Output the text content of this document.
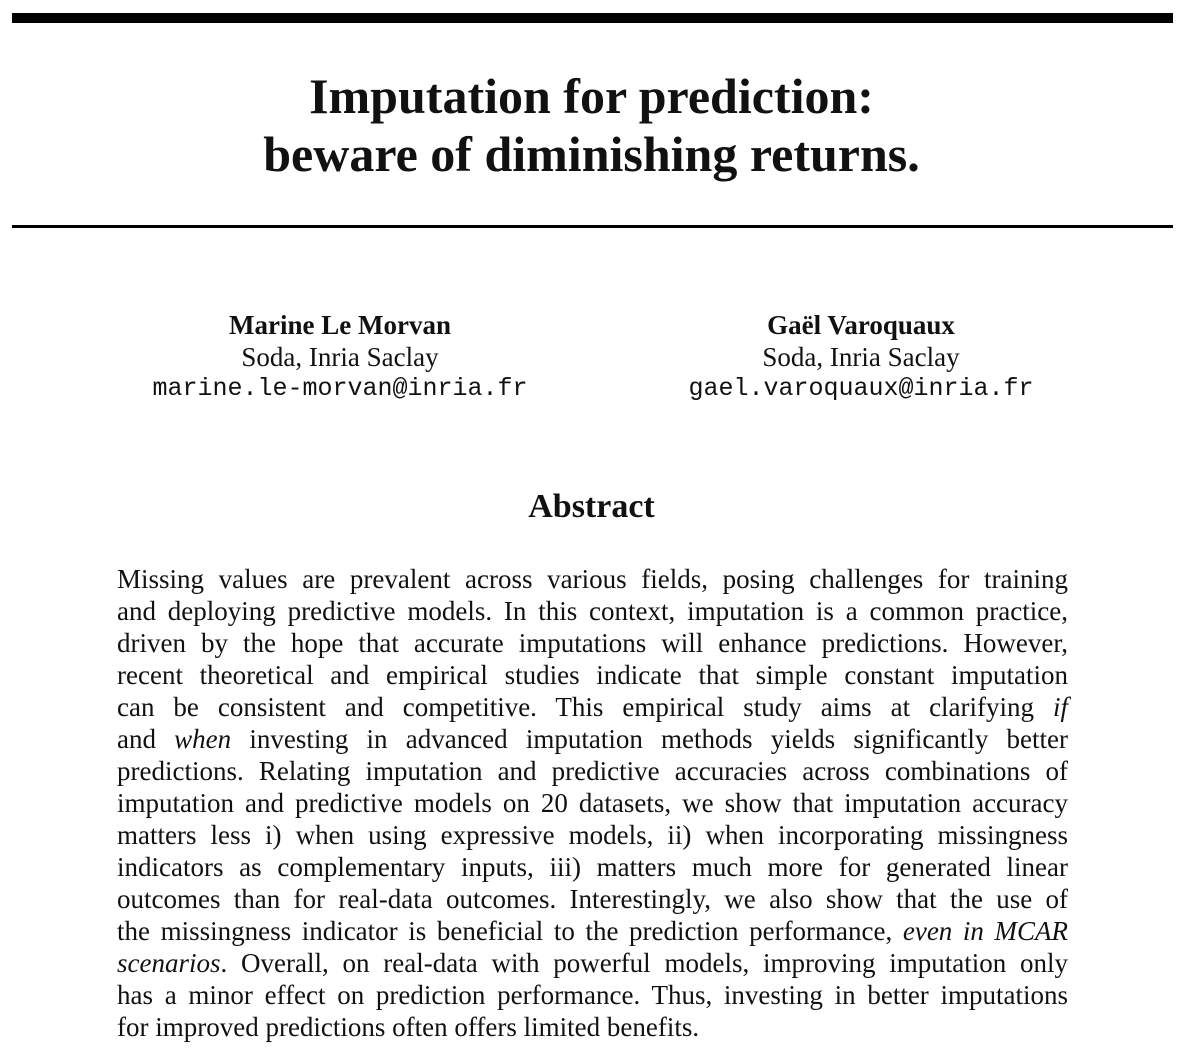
Imputation for prediction:
beware of diminishing returns.
Marine Le Morvan
Soda, Inria Saclay
marine.le-morvan@inria.fr
Gaël Varoquaux
Soda, Inria Saclay
gael.varoquaux@inria.fr
Abstract
Missing values are prevalent across various fields, posing challenges for training
and deploying predictive models. In this context, imputation is a common practice,
driven by the hope that accurate imputations will enhance predictions. However,
recent theoretical and empirical studies indicate that simple constant imputation
can be consistent and competitive. This empirical study aims at clarifying if
and when investing in advanced imputation methods yields significantly better
predictions. Relating imputation and predictive accuracies across combinations of
imputation and predictive models on 20 datasets, we show that imputation accuracy
matters less i) when using expressive models, ii) when incorporating missingness
indicators as complementary inputs, iii) matters much more for generated linear
outcomes than for real-data outcomes. Interestingly, we also show that the use of
the missingness indicator is beneficial to the prediction performance, even in MCAR
scenarios. Overall, on real-data with powerful models, improving imputation only
has a minor effect on prediction performance. Thus, investing in better imputations
for improved predictions often offers limited benefits.
